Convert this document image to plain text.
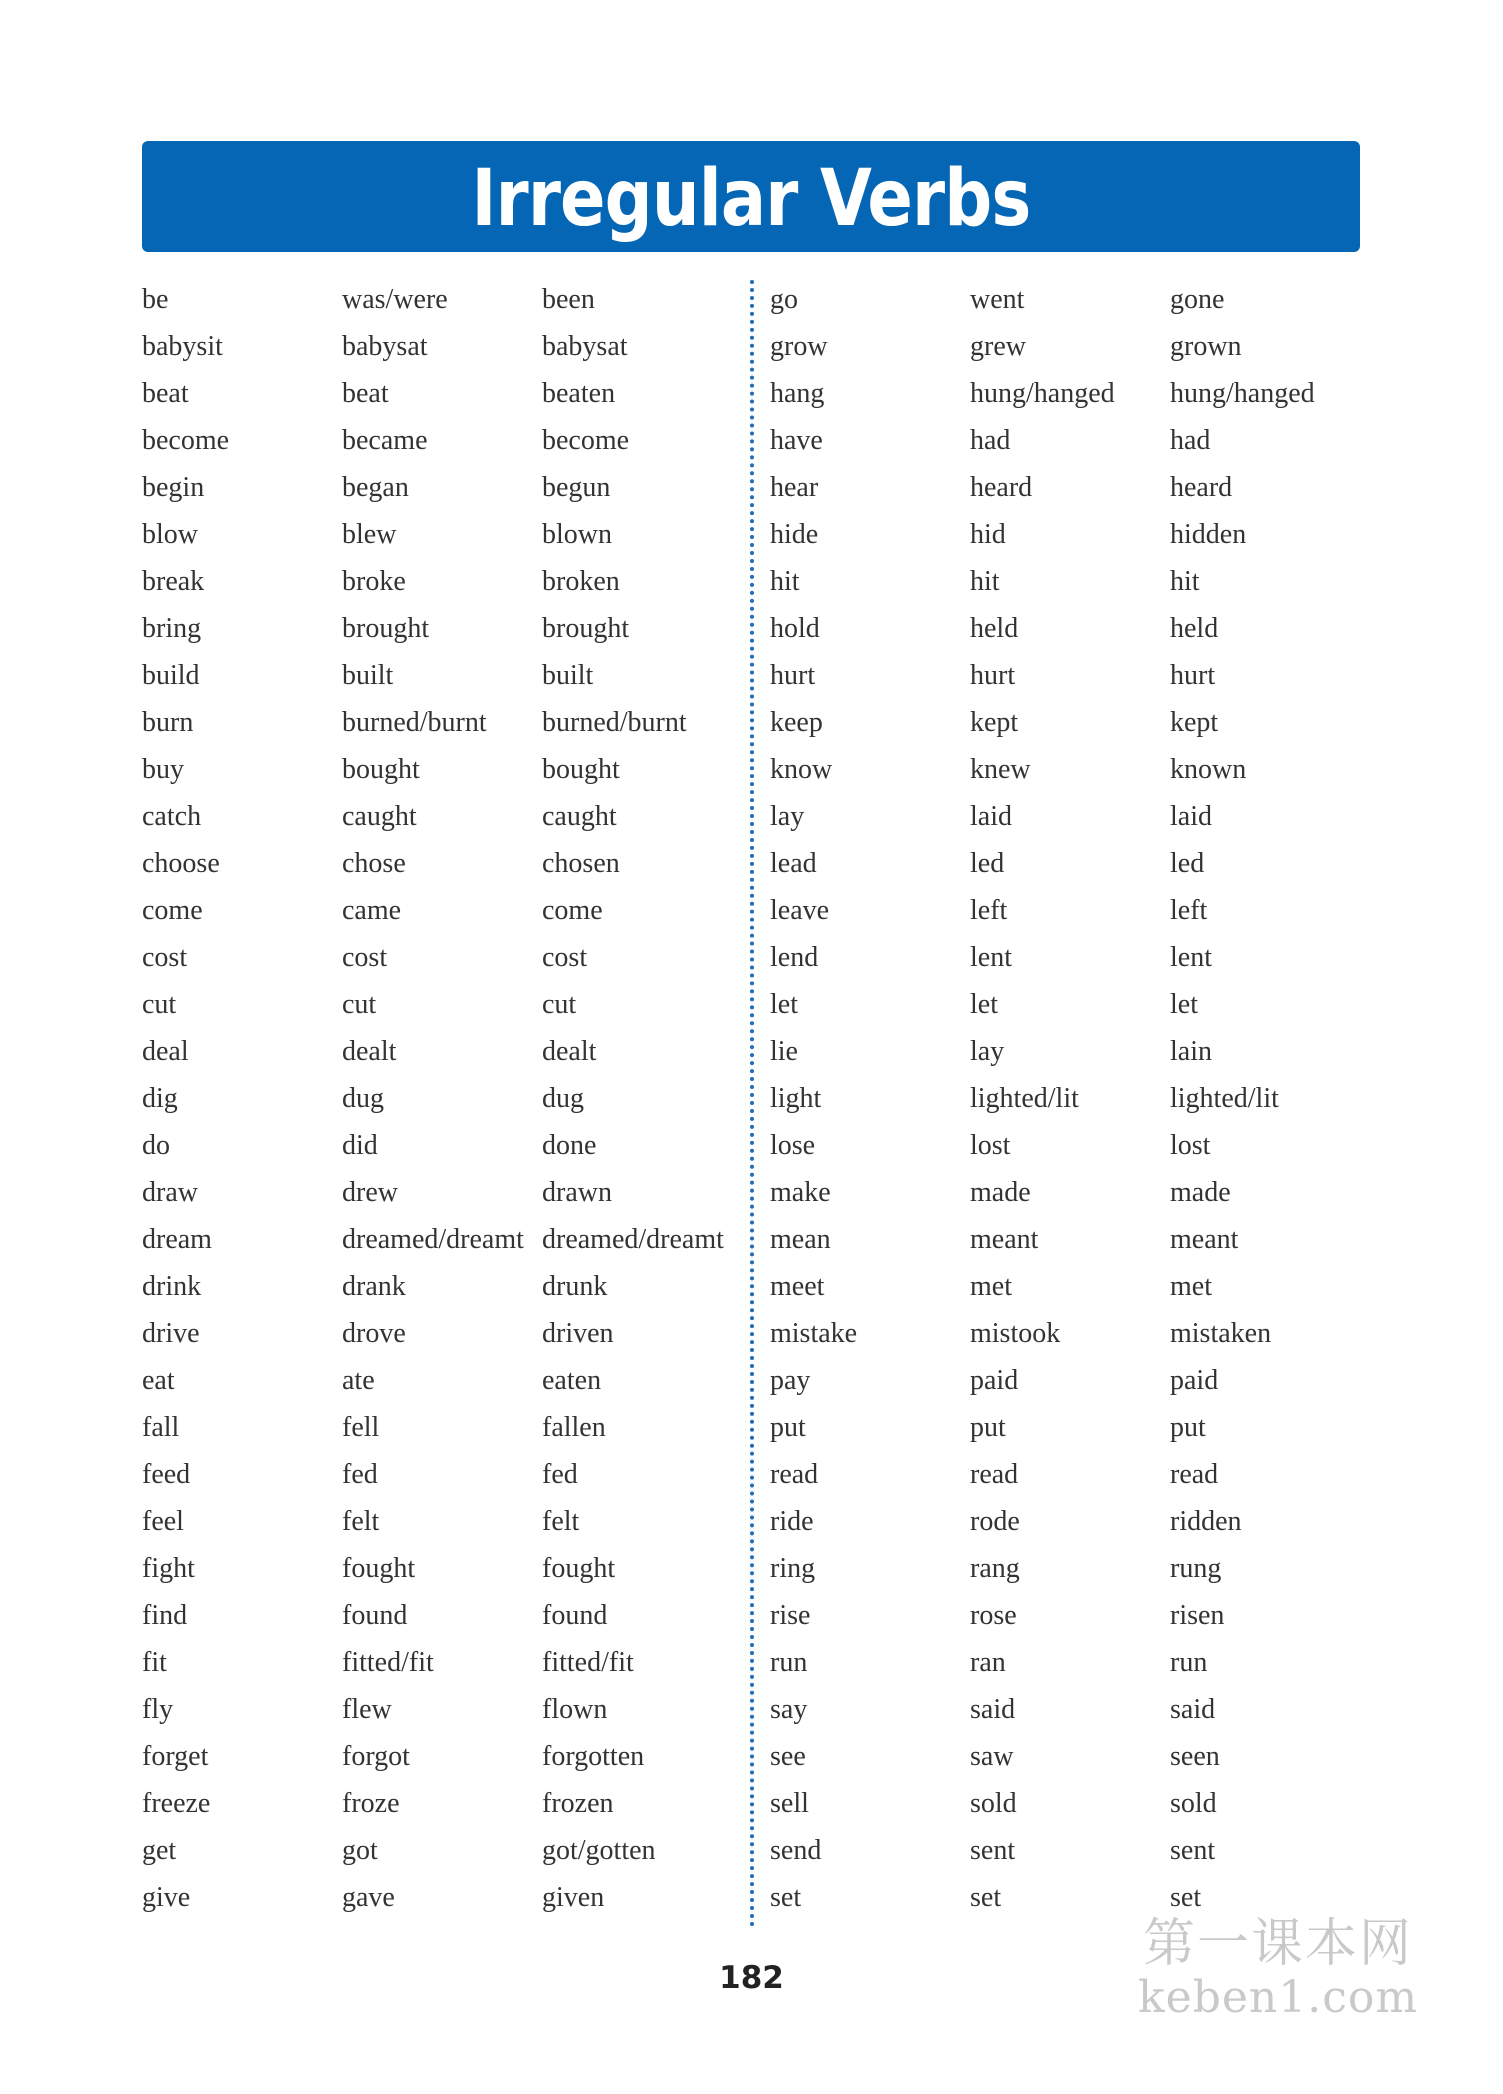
Irregular Verbs
be	was/were	been
babysit	babysat	babysat
beat	beat	beaten
become	became	become
begin	began	begun
blow	blew	blown
break	broke	broken
bring	brought	brought
build	built	built
burn	burned/burnt	burned/burnt
buy	bought	bought
catch	caught	caught
choose	chose	chosen
come	came	come
cost	cost	cost
cut	cut	cut
deal	dealt	dealt
dig	dug	dug
do	did	done
draw	drew	drawn
dream	dreamed/dreamt dreamed/dreamt
drink	drank	drunk
drive	drove	driven
eat	ate	eaten
fall	fell	fallen
feed	fed	fed
feel	felt	felt
fight	fought	fought
find	found	found
fit	fitted/fit	fitted/fit
fly	flew	flown
forget	forgot	forgotten
freeze	froze	frozen
get	got	got/gotten
give	gave	given
go	went	gone
grow	grew	grown
hang	hung/hanged	hung/hanged
have	had	had
hear	heard	heard
hide	hid	hidden
hit	hit	hit
hold	held	held
hurt	hurt	hurt
keep	kept	kept
know	knew	known
lay	laid	laid
lead	led	led
leave	left	left
lend	lent	lent
let	let	let
lie	lay	lain
light	lighted/lit	lighted/lit
lose	lost	lost
make	made	made
mean	meant	meant
meet	met	met
mistake	mistook	mistaken
pay	paid	paid
put	put	put
read	read	read
ride	rode	ridden
ring	rang	rung
rise	rose	risen
run	ran	run
say	said	said
see	saw	seen
sell	sold	sold
send	sent	sent
set	set	set
182
第一课本网
keben1.com
